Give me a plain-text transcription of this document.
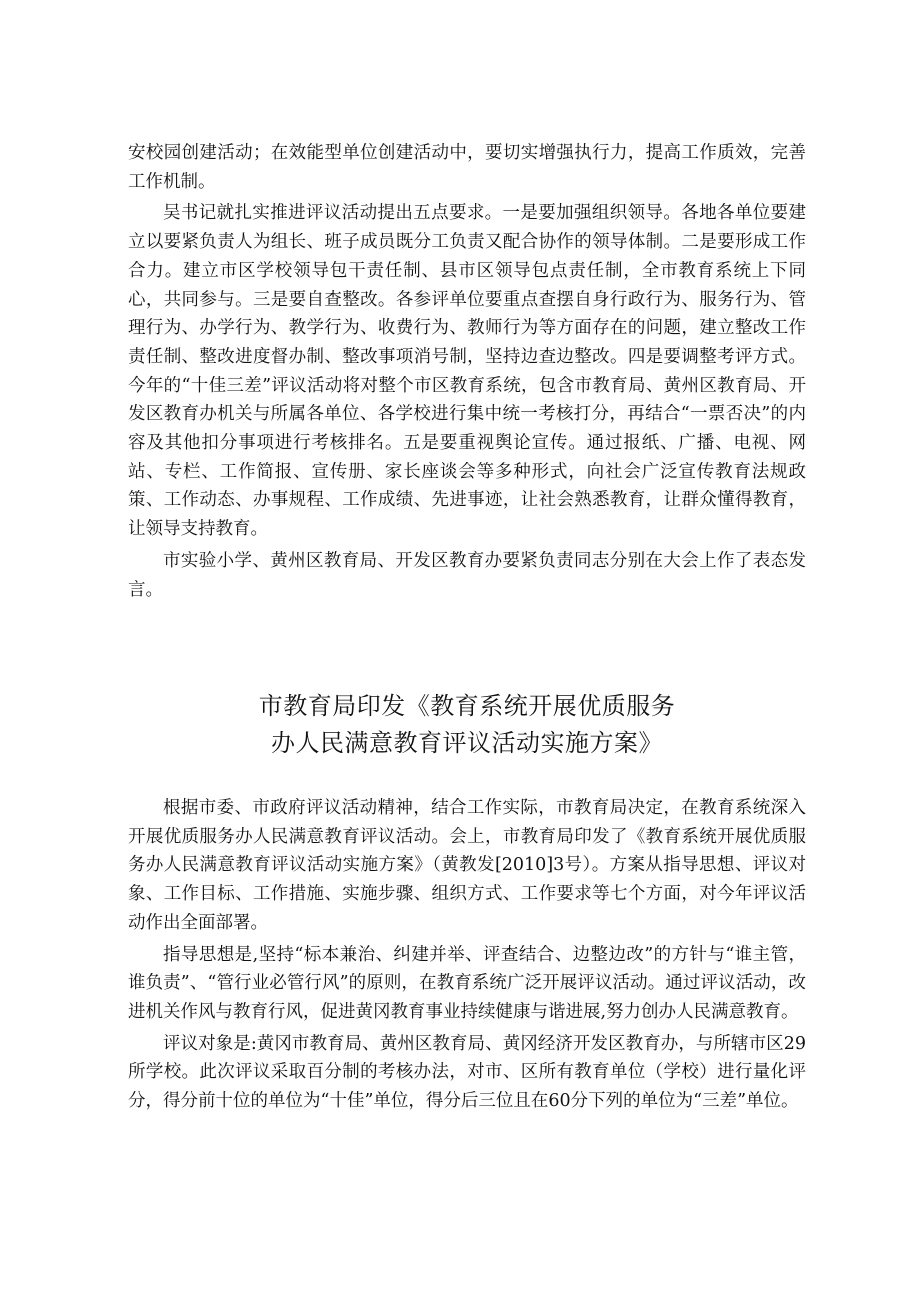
安校园创建活动；在效能型单位创建活动中，要切实增强执行力，提高工作质效，完善工作机制。

吴书记就扎实推进评议活动提出五点要求。一是要加强组织领导。各地各单位要建立以要紧负责人为组长、班子成员既分工负责又配合协作的领导体制。二是要形成工作合力。建立市区学校领导包干责任制、县市区领导包点责任制，全市教育系统上下同心，共同参与。三是要自查整改。各参评单位要重点查摆自身行政行为、服务行为、管理行为、办学行为、教学行为、收费行为、教师行为等方面存在的问题，建立整改工作责任制、整改进度督办制、整改事项消号制，坚持边查边整改。四是要调整考评方式。今年的“十佳三差”评议活动将对整个市区教育系统，包含市教育局、黄州区教育局、开发区教育办机关与所属各单位、各学校进行集中统一考核打分，再结合“一票否决”的内容及其他扣分事项进行考核排名。五是要重视舆论宣传。通过报纸、广播、电视、网站、专栏、工作简报、宣传册、家长座谈会等多种形式，向社会广泛宣传教育法规政策、工作动态、办事规程、工作成绩、先进事迹，让社会熟悉教育，让群众懂得教育，让领导支持教育。

市实验小学、黄州区教育局、开发区教育办要紧负责同志分别在大会上作了表态发言。

市教育局印发《教育系统开展优质服务
办人民满意教育评议活动实施方案》

根据市委、市政府评议活动精神，结合工作实际，市教育局决定，在教育系统深入开展优质服务办人民满意教育评议活动。会上，市教育局印发了《教育系统开展优质服务办人民满意教育评议活动实施方案》（黄教发[2010]3号）。方案从指导思想、评议对象、工作目标、工作措施、实施步骤、组织方式、工作要求等七个方面，对今年评议活动作出全面部署。

指导思想是,坚持“标本兼治、纠建并举、评查结合、边整边改”的方针与“谁主管，谁负责”、“管行业必管行风”的原则，在教育系统广泛开展评议活动。通过评议活动，改进机关作风与教育行风，促进黄冈教育事业持续健康与谐进展,努力创办人民满意教育。

评议对象是:黄冈市教育局、黄州区教育局、黄冈经济开发区教育办，与所辖市区29所学校。此次评议采取百分制的考核办法，对市、区所有教育单位（学校）进行量化评分，得分前十位的单位为“十佳”单位，得分后三位且在60分下列的单位为“三差”单位。
